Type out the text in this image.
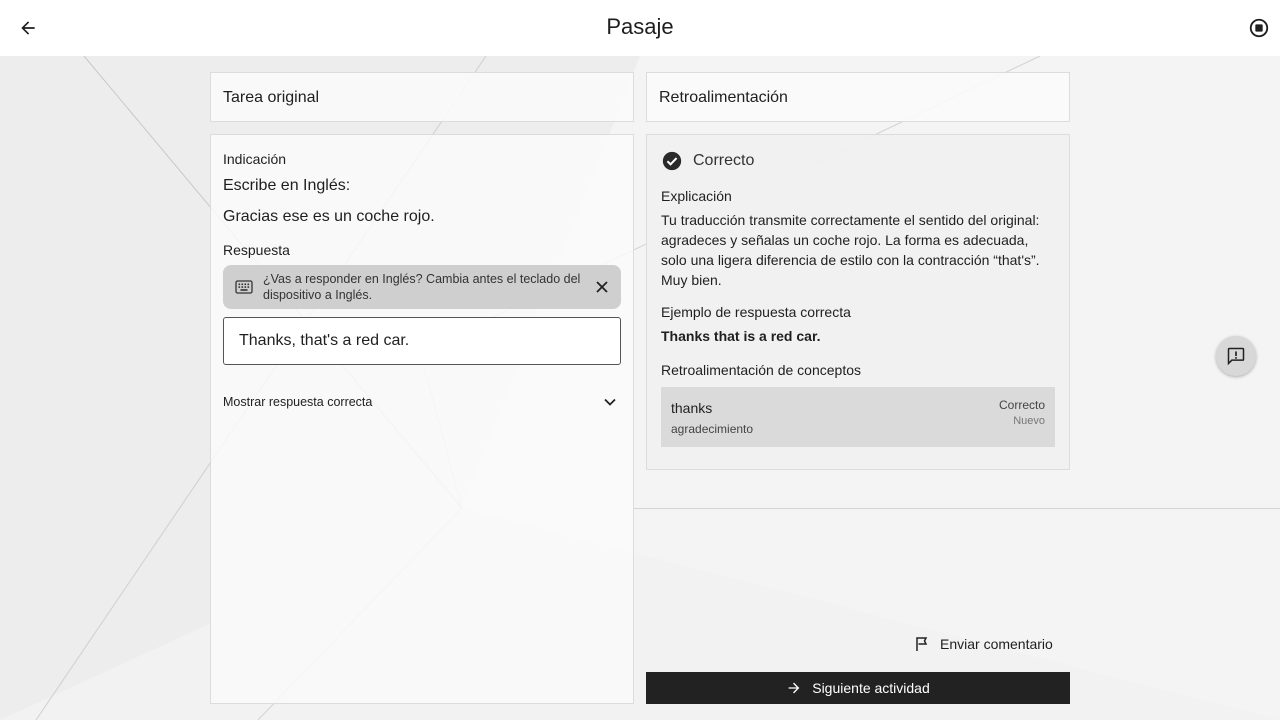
Pasaje
Tarea original
Indicación
Escribe en Inglés:
Gracias ese es un coche rojo.
Respuesta
¿Vas a responder en Inglés? Cambia antes el teclado del dispositivo a Inglés.
Thanks, that's a red car.
Mostrar respuesta correcta
Retroalimentación
Correcto
Explicación
Tu traducción transmite correctamente el sentido del original: agradeces y señalas un coche rojo. La forma es adecuada, solo una ligera diferencia de estilo con la contracción “that's”. Muy bien.
Ejemplo de respuesta correcta
Thanks that is a red car.
Retroalimentación de conceptos
thanks
agradecimiento
Correcto
Nuevo
Enviar comentario
Siguiente actividad
